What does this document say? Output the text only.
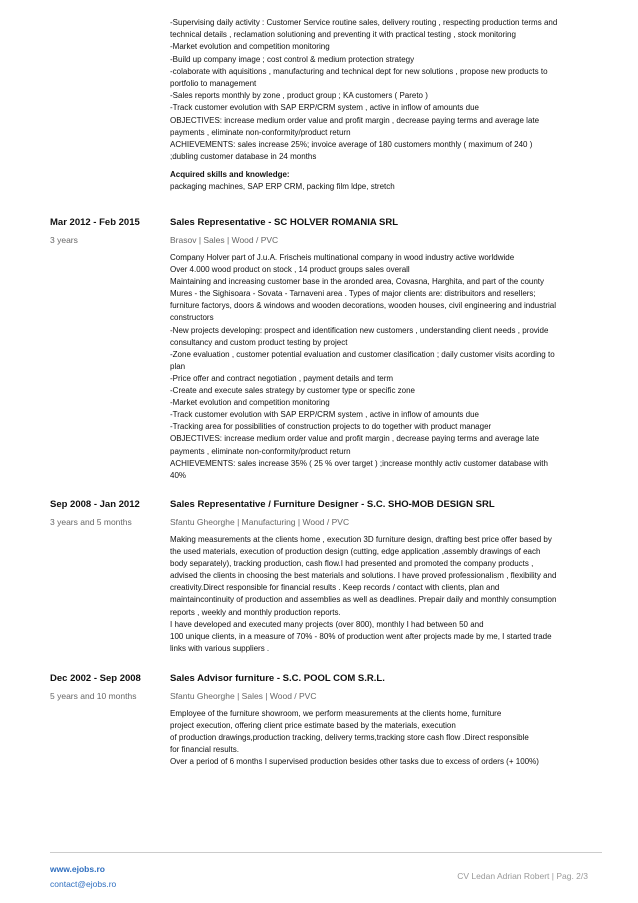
-Supervising daily activity : Customer Service routine sales, delivery routing , respecting production terms and
technical details , reclamation solutioning and preventing it with practical testing , stock monitoring
-Market evolution and competition monitoring
-Build up company image ; cost control & medium protection strategy
-colaborate with aquisitions , manufacturing and technical dept for new solutions , propose new products to
portfolio to management
-Sales reports monthly by zone , product group ; KA customers ( Pareto )
-Track customer evolution with SAP ERP/CRM system , active in inflow of amounts due
OBJECTIVES: increase medium order value and profit margin , decrease paying terms and average late
payments , eliminate non-conformity/product return
ACHIEVEMENTS: sales increase 25%; invoice average of 180 customers monthly ( maximum of 240 )
;dubling customer database in 24 months
Acquired skills and knowledge:
packaging machines, SAP ERP CRM, packing film ldpe, stretch
Mar 2012 - Feb 2015
3 years
Sales Representative - SC HOLVER ROMANIA SRL
Brasov | Sales | Wood / PVC
Company Holver part of J.u.A. Frischeis multinational company in wood industry active worldwide
Over 4.000 wood product on stock , 14 product groups sales overall
Maintaining and increasing customer base in the aronded area, Covasna, Harghita, and part of the county
Mures - the Sighisoara - Sovata - Tarnaveni area . Types of major clients are: distribuitors and resellers;
furniture factorys, doors & windows and wooden decorations, wooden houses, civil engineering and industrial
constructors
-New projects developing: prospect and identification new customers , understanding client needs , provide
consultancy and custom product testing by project
-Zone evaluation , customer potential evaluation and customer clasification ; daily customer visits acording to
plan
-Price offer and contract negotiation , payment details and term
-Create and execute sales strategy by customer type or specific zone
-Market evolution and competition monitoring
-Track customer evolution with SAP ERP/CRM system , active in inflow of amounts due
-Tracking area for possibilities of construction projects to do together with product manager
OBJECTIVES: increase medium order value and profit margin , decrease paying terms and average late
payments , eliminate non-conformity/product return
ACHIEVEMENTS: sales increase 35% ( 25 % over target ) ;increase monthly activ customer database with
40%
Sep 2008 - Jan 2012
3 years and 5 months
Sales Representative / Furniture Designer - S.C. SHO-MOB DESIGN SRL
Sfantu Gheorghe | Manufacturing | Wood / PVC
Making measurements at the clients home , execution 3D furniture design, drafting best price offer based by
the used materials, execution of production design (cutting, edge application ,assembly drawings of each
body separately), tracking production, cash flow.I had presented and promoted the company products ,
advised the clients in choosing the best materials and solutions. I have proved professionalism , flexibility and
creativity.Direct responsible for financial results . Keep records / contact with clients, plan and
maintaincontinuity of production and assemblies as well as deadlines. Prepair daily and monthly consumption
reports , weekly and monthly production reports.
I have developed and executed many projects (over 800), monthly I had between 50 and
100 unique clients, in a measure of 70% - 80% of production went after projects made by me, I started trade
links with various suppliers .
Dec 2002 - Sep 2008
5 years and 10 months
Sales Advisor furniture - S.C. POOL COM S.R.L.
Sfantu Gheorghe | Sales | Wood / PVC
Employee of the furniture showroom, we perform measurements at the clients home, furniture
project execution, offering client price estimate based by the materials, execution
of production drawings,production tracking, delivery terms,tracking store cash flow .Direct responsible
for financial results.
Over a period of 6 months I supervised production besides other tasks due to excess of orders (+ 100%)
www.ejobs.ro
contact@ejobs.ro
CV Ledan Adrian Robert | Pag. 2/3
